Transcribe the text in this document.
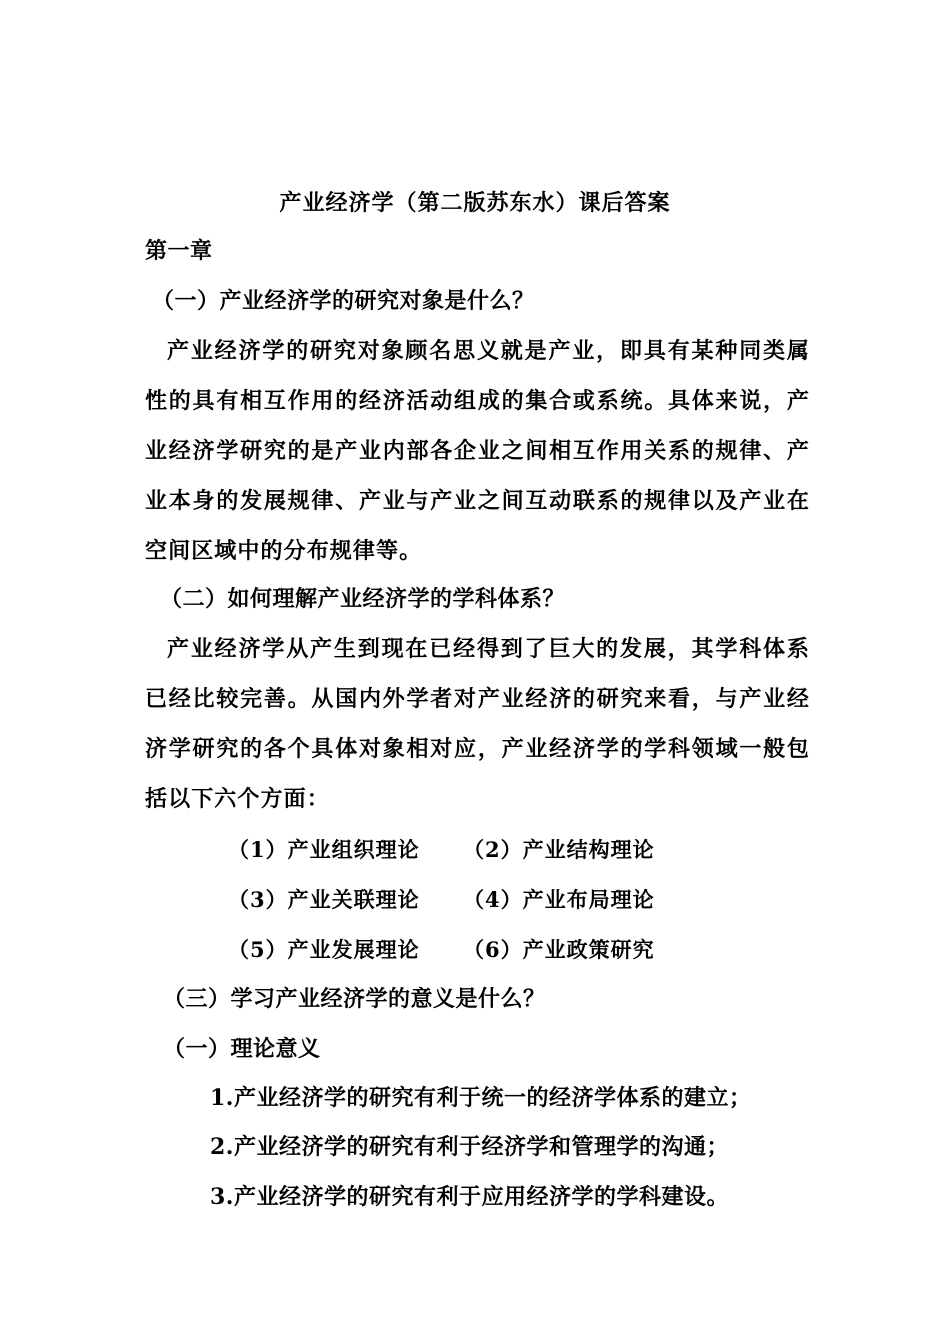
产业经济学（第二版苏东水）课后答案
第一章
（一）产业经济学的研究对象是什么？
产业经济学的研究对象顾名思义就是产业，即具有某种同类属性的具有相互作用的经济活动组成的集合或系统。具体来说，产业经济学研究的是产业内部各企业之间相互作用关系的规律、产业本身的发展规律、产业与产业之间互动联系的规律以及产业在空间区域中的分布规律等。
（二）如何理解产业经济学的学科体系？
产业经济学从产生到现在已经得到了巨大的发展，其学科体系已经比较完善。从国内外学者对产业经济的研究来看，与产业经济学研究的各个具体对象相对应，产业经济学的学科领域一般包括以下六个方面：
（1）产业组织理论 （2）产业结构理论
（3）产业关联理论 （4）产业布局理论
（5）产业发展理论 （6）产业政策研究
（三）学习产业经济学的意义是什么？
（一）理论意义
1.产业经济学的研究有利于统一的经济学体系的建立；
2.产业经济学的研究有利于经济学和管理学的沟通；
3.产业经济学的研究有利于应用经济学的学科建设。
